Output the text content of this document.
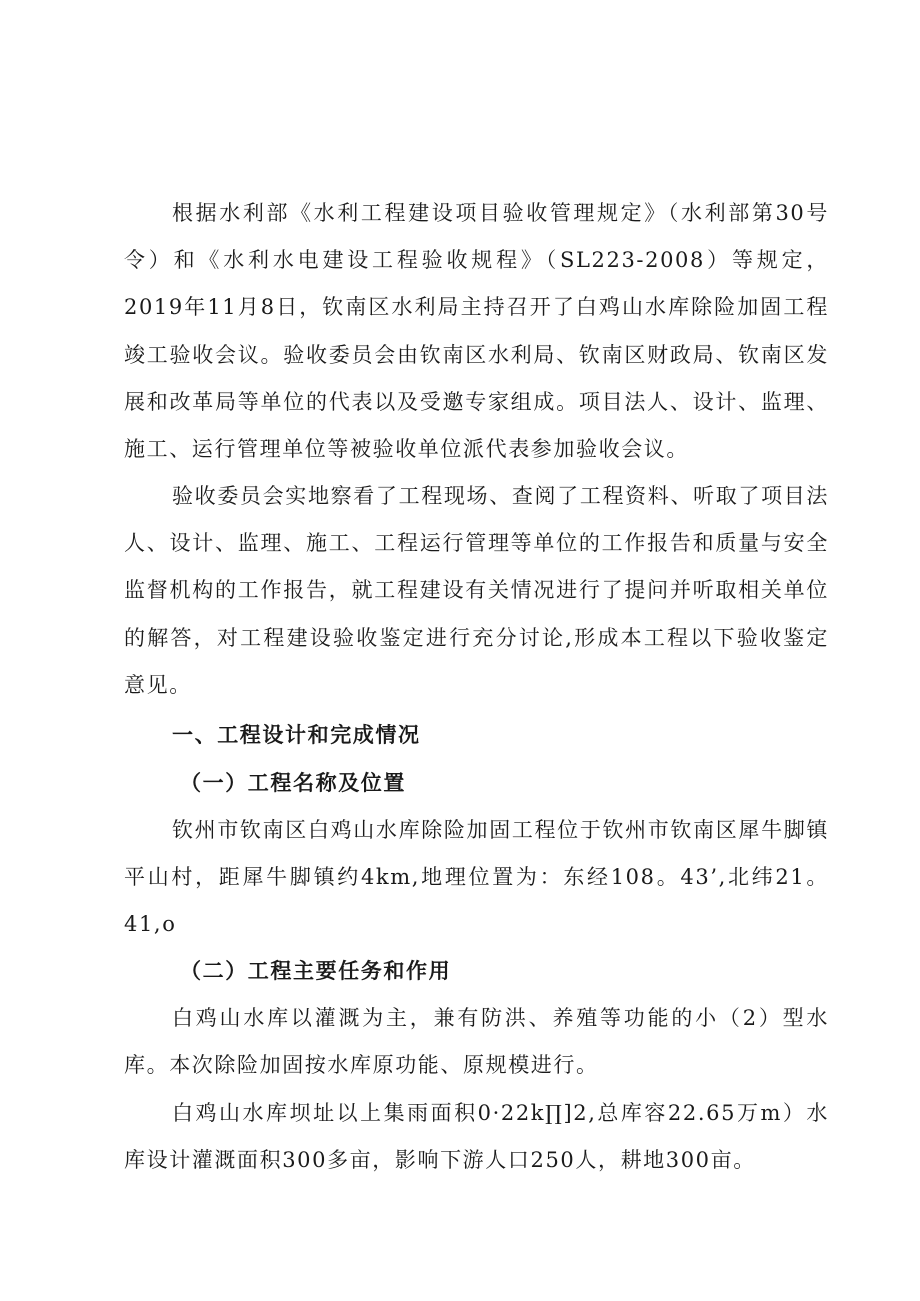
根据水利部《水利工程建设项目验收管理规定》（水利部第30号令）和《水利水电建设工程验收规程》（SL223-2008）等规定，2019年11月8日，钦南区水利局主持召开了白鸡山水库除险加固工程竣工验收会议。验收委员会由钦南区水利局、钦南区财政局、钦南区发展和改革局等单位的代表以及受邀专家组成。项目法人、设计、监理、施工、运行管理单位等被验收单位派代表参加验收会议。

验收委员会实地察看了工程现场、查阅了工程资料、听取了项目法人、设计、监理、施工、工程运行管理等单位的工作报告和质量与安全监督机构的工作报告，就工程建设有关情况进行了提问并听取相关单位的解答，对工程建设验收鉴定进行充分讨论,形成本工程以下验收鉴定意见。

一、工程设计和完成情况
（一）工程名称及位置

钦州市钦南区白鸡山水库除险加固工程位于钦州市钦南区犀牛脚镇平山村，距犀牛脚镇约4km,地理位置为：东经108。43’,北纬21。41,o

（二）工程主要任务和作用

白鸡山水库以灌溉为主，兼有防洪、养殖等功能的小（2）型水库。本次除险加固按水库原功能、原规模进行。

白鸡山水库坝址以上集雨面积0·22k∏]2,总库容22.65万m）水库设计灌溉面积300多亩，影响下游人口250人，耕地300亩。
